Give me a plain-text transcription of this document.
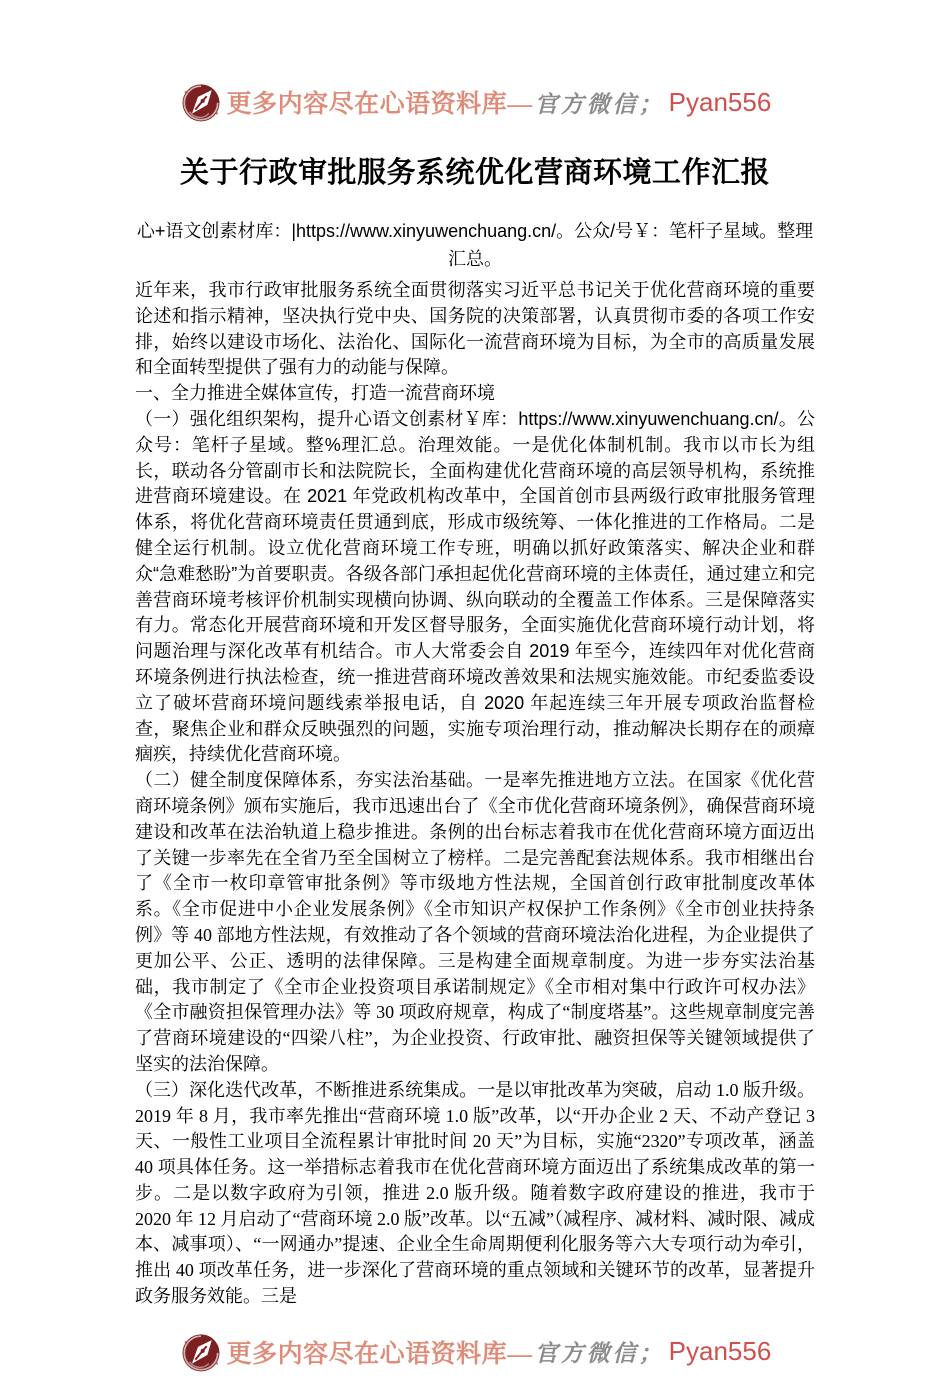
更多内容尽在心语资料库— 官方微信； Pyan556
关于行政审批服务系统优化营商环境工作汇报
心+语文创素材库：|https://www.xinyuwenchuang.cn/。公众/号￥：笔杆子星域。整理汇总。

近年来，我市行政审批服务系统全面贯彻落实习近平总书记关于优化营商环境的重要论述和指示精神，坚决执行党中央、国务院的决策部署，认真贯彻市委的各项工作安排，始终以建设市场化、法治化、国际化一流营商环境为目标，为全市的高质量发展和全面转型提供了强有力的动能与保障。

一、全力推进全媒体宣传，打造一流营商环境

（一）强化组织架构，提升心语文创素材￥库：https://www.xinyuwenchuang.cn/。公众号：笔杆子星域。整%理汇总。治理效能。一是优化体制机制。我市以市长为组长，联动各分管副市长和法院院长，全面构建优化营商环境的高层领导机构，系统推进营商环境建设。在 2021 年党政机构改革中，全国首创市县两级行政审批服务管理体系，将优化营商环境责任贯通到底，形成市级统筹、一体化推进的工作格局。二是健全运行机制。设立优化营商环境工作专班，明确以抓好政策落实、解决企业和群众“急难愁盼”为首要职责。各级各部门承担起优化营商环境的主体责任，通过建立和完善营商环境考核评价机制实现横向协调、纵向联动的全覆盖工作体系。三是保障落实有力。常态化开展营商环境和开发区督导服务，全面实施优化营商环境行动计划，将问题治理与深化改革有机结合。市人大常委会自 2019 年至今，连续四年对优化营商环境条例进行执法检查，统一推进营商环境改善效果和法规实施效能。市纪委监委设立了破坏营商环境问题线索举报电话，自 2020 年起连续三年开展专项政治监督检查，聚焦企业和群众反映强烈的问题，实施专项治理行动，推动解决长期存在的顽瘴痼疾，持续优化营商环境。

（二）健全制度保障体系，夯实法治基础。一是率先推进地方立法。在国家《优化营商环境条例》颁布实施后，我市迅速出台了《全市优化营商环境条例》，确保营商环境建设和改革在法治轨道上稳步推进。条例的出台标志着我市在优化营商环境方面迈出了关键一步率先在全省乃至全国树立了榜样。二是完善配套法规体系。我市相继出台了《全市一枚印章管审批条例》等市级地方性法规，全国首创行政审批制度改革体系。《全市促进中小企业发展条例》《全市知识产权保护工作条例》《全市创业扶持条例》等 40 部地方性法规，有效推动了各个领域的营商环境法治化进程，为企业提供了更加公平、公正、透明的法律保障。三是构建全面规章制度。为进一步夯实法治基础，我市制定了《全市企业投资项目承诺制规定》《全市相对集中行政许可权办法》《全市融资担保管理办法》等 30 项政府规章，构成了“制度塔基”。这些规章制度完善了营商环境建设的“四梁八柱”，为企业投资、行政审批、融资担保等关键领域提供了坚实的法治保障。

（三）深化迭代改革，不断推进系统集成。一是以审批改革为突破，启动 1.0 版升级。2019 年 8 月，我市率先推出“营商环境 1.0 版”改革，以“开办企业 2 天、不动产登记 3 天、一般性工业项目全流程累计审批时间 20 天”为目标，实施“2320”专项改革，涵盖 40 项具体任务。这一举措标志着我市在优化营商环境方面迈出了系统集成改革的第一步。二是以数字政府为引领，推进 2.0 版升级。随着数字政府建设的推进，我市于 2020 年 12 月启动了“营商环境 2.0 版”改革。以“五减”（减程序、减材料、减时限、减成本、减事项）、“一网通办”提速、企业全生命周期便利化服务等六大专项行动为牵引，推出 40 项改革任务，进一步深化了营商环境的重点领域和关键环节的改革，显著提升政务服务效能。三是

更多内容尽在心语资料库— 官方微信； Pyan556
